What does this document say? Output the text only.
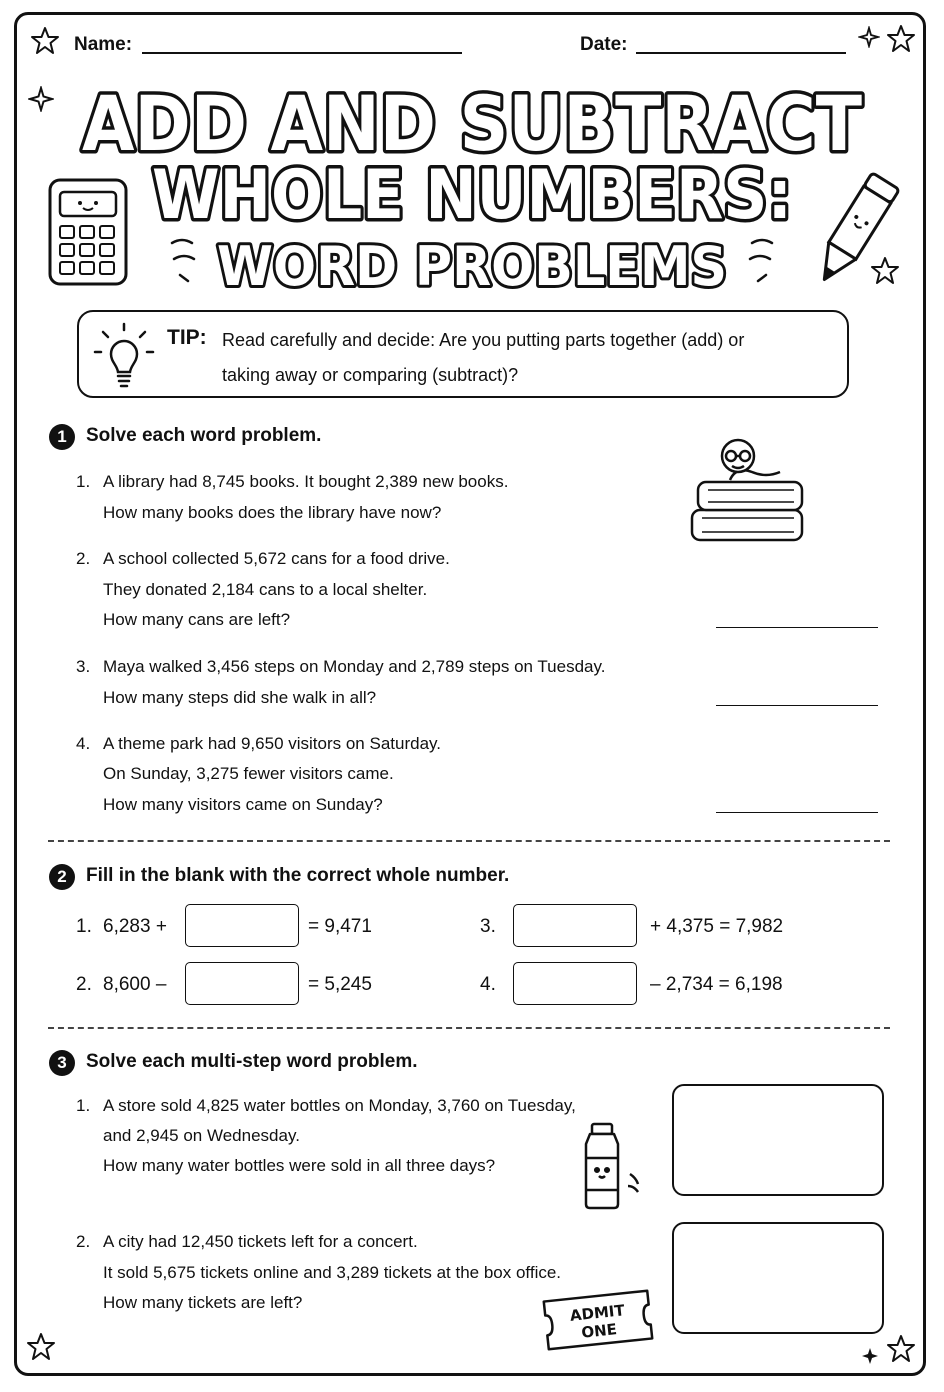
Name:	Date:
ADD AND SUBTRACT
WHOLE NUMBERS:
WORD PROBLEMS
TIP: Read carefully and decide: Are you putting parts together (add) or
taking away or comparing (subtract)?
1	Solve each word problem.
1. A library had 8,745 books. It bought 2,389 new books.
How many books does the library have now?
2. A school collected 5,672 cans for a food drive.
They donated 2,184 cans to a local shelter.
How many cans are left?
3. Maya walked 3,456 steps on Monday and 2,789 steps on Tuesday.
How many steps did she walk in all?
4. A theme park had 9,650 visitors on Saturday.
On Sunday, 3,275 fewer visitors came.
How many visitors came on Sunday?
2	Fill in the blank with the correct whole number.
1. 6,283 +	= 9,471
2. 8,600 –	= 5,245
3.	+ 4,375 = 7,982
4.	– 2,734 = 6,198
3	Solve each multi-step word problem.
1. A store sold 4,825 water bottles on Monday, 3,760 on Tuesday,
and 2,945 on Wednesday.
How many water bottles were sold in all three days?
2. A city had 12,450 tickets left for a concert.
It sold 5,675 tickets online and 3,289 tickets at the box office.
How many tickets are left?	ADMIT
ONE
